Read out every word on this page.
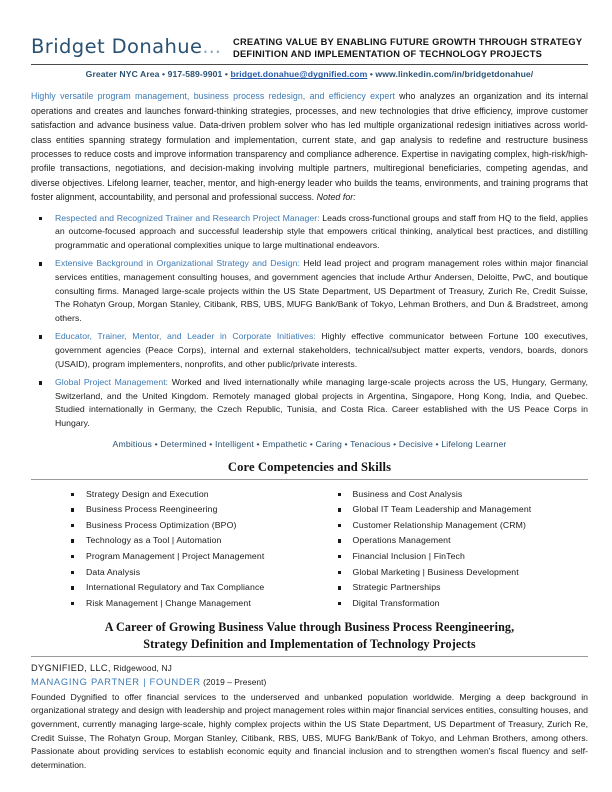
Bridget Donahue... CREATING VALUE BY ENABLING FUTURE GROWTH THROUGH STRATEGY
DEFINITION AND IMPLEMENTATION OF TECHNOLOGY PROJECTS
Greater NYC Area • 917-589-9901 • bridget.donahue@dygnified.com • www.linkedin.com/in/bridgetdonahue/
Highly versatile program management, business process redesign, and efficiency expert who analyzes an organization and its internal operations and creates and launches forward-thinking strategies, processes, and new technologies that drive efficiency, improve customer satisfaction and advance business value. Data-driven problem solver who has led multiple organizational redesign initiatives across world-class entities spanning strategy formulation and implementation, current state, and gap analysis to redefine and restructure business processes to reduce costs and improve information transparency and compliance adherence. Expertise in navigating complex, high-risk/high-profile transactions, negotiations, and decision-making involving multiple partners, multiregional beneficiaries, competing agendas, and diverse objectives. Lifelong learner, teacher, mentor, and high-energy leader who builds the teams, environments, and training programs that foster alignment, accountability, and personal and professional success. Noted for:
Respected and Recognized Trainer and Research Project Manager: Leads cross-functional groups and staff from HQ to the field, applies an outcome-focused approach and successful leadership style that empowers critical thinking, analytical best practices, and distilling programmatic and operational complexities unique to large multinational endeavors.
Extensive Background in Organizational Strategy and Design: Held lead project and program management roles within major financial services entities, management consulting houses, and government agencies that include Arthur Andersen, Deloitte, PwC, and boutique consulting firms. Managed large-scale projects within the US State Department, US Department of Treasury, Zurich Re, Credit Suisse, The Rohatyn Group, Morgan Stanley, Citibank, RBS, UBS, MUFG Bank/Bank of Tokyo, Lehman Brothers, and Dun & Bradstreet, among others.
Educator, Trainer, Mentor, and Leader in Corporate Initiatives: Highly effective communicator between Fortune 100 executives, government agencies (Peace Corps), internal and external stakeholders, technical/subject matter experts, vendors, boards, donors (USAID), program implementers, nonprofits, and other public/private interests.
Global Project Management: Worked and lived internationally while managing large-scale projects across the US, Hungary, Germany, Switzerland, and the United Kingdom. Remotely managed global projects in Argentina, Singapore, Hong Kong, India, and Quebec. Studied internationally in Germany, the Czech Republic, Tunisia, and Costa Rica. Career established with the US Peace Corps in Hungary.
Ambitious • Determined • Intelligent • Empathetic • Caring • Tenacious • Decisive • Lifelong Learner
Core Competencies and Skills
Strategy Design and Execution
Business Process Reengineering
Business Process Optimization (BPO)
Technology as a Tool | Automation
Program Management | Project Management
Data Analysis
International Regulatory and Tax Compliance
Risk Management | Change Management
Business and Cost Analysis
Global IT Team Leadership and Management
Customer Relationship Management (CRM)
Operations Management
Financial Inclusion | FinTech
Global Marketing | Business Development
Strategic Partnerships
Digital Transformation
A Career of Growing Business Value through Business Process Reengineering,
Strategy Definition and Implementation of Technology Projects
DYGNIFIED, LLC, Ridgewood, NJ
MANAGING PARTNER | FOUNDER (2019 – Present)
Founded Dygnified to offer financial services to the underserved and unbanked population worldwide. Merging a deep background in organizational strategy and design with leadership and project management roles within major financial services entities, consulting houses, and government, currently managing large-scale, highly complex projects within the US State Department, US Department of Treasury, Zurich Re, Credit Suisse, The Rohatyn Group, Morgan Stanley, Citibank, RBS, UBS, MUFG Bank/Bank of Tokyo, and Lehman Brothers, among others. Passionate about providing services to establish economic equity and financial inclusion and to strengthen women's fiscal fluency and self-determination.
